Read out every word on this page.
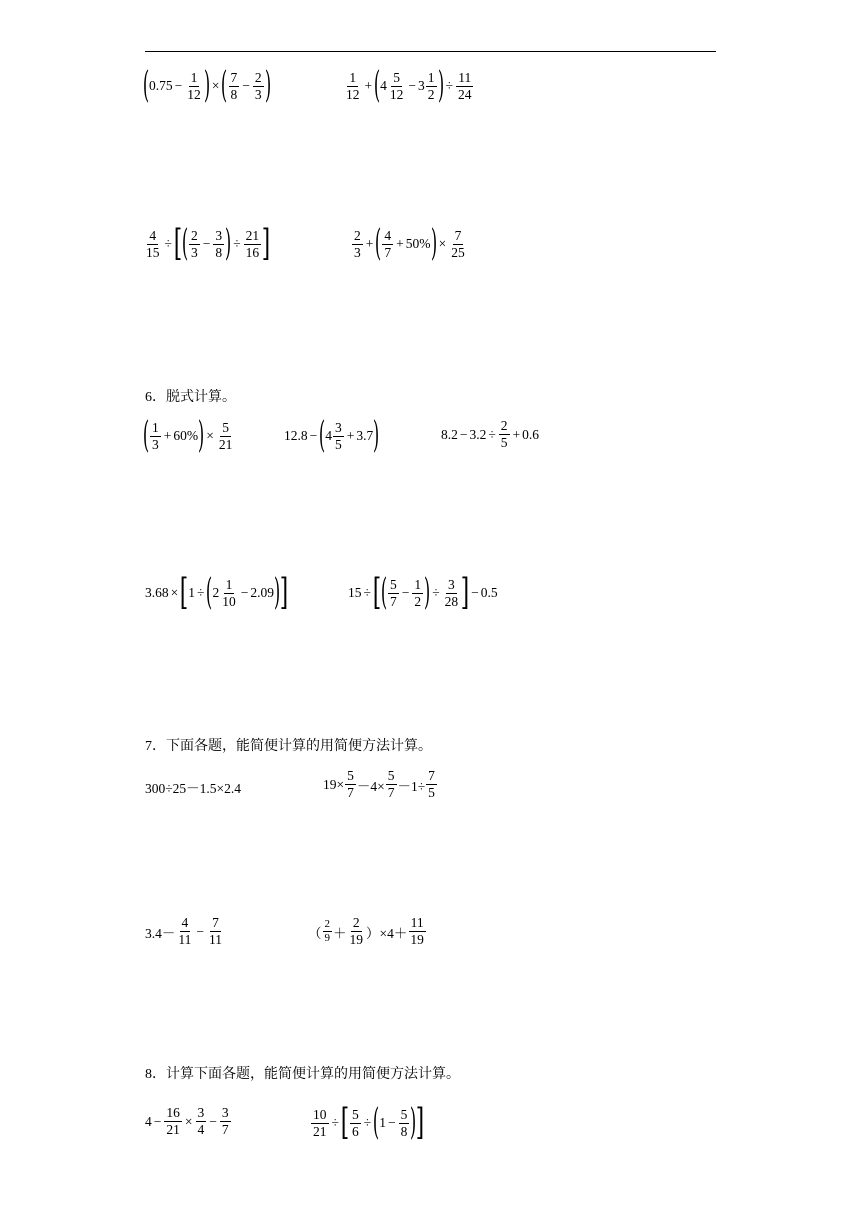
( $0.75 - \frac{1}{12}$ ) × ( 7
8
− $\frac{2}{3}$ )	1
12
+ ( 4
5
12
− 3
1
2 ) ÷ $\frac{11}{24}$
$\frac{4}{15}$ ÷ [ ( 2
3
− $\frac{3}{8}$ ) ÷ $\frac{21}{16}$ ]	2
3
+ ( 4
7
+ 50% ) × $\frac{7}{25}$
6．脱式计算。
( 1
3
+ 60% ) × $\frac{5}{21}$	12.8 − ( 4
3
5
+ 3.7 )	$8.2 - 3.2 \div \frac{2}{5} + 0.6$
3.68 × [ 1 ÷ ( 2
1
10
− 2.09 ) ]	15 ÷ [ ( 5
7
− $\frac{1}{2}$ ) ÷ $\frac{3}{28}$ ] − 0.5
7．下面各题，能简便计算的用简便方法计算。
300÷25－1.5×2.4	$19\times \frac{5}{7} -4\times \frac{5}{7} -1\div \frac{7}{5}$
3.4－
4
11
− $\frac{7}{11}$	（
2
9 ＋
2
19 ）×4＋
11
19
8．计算下面各题，能简便计算的用简便方法计算。
$4 - \frac{16}{21} \times \frac{3}{4} - \frac{3}{7}$	$\frac{10}{21}$ ÷ [ $\frac{5}{6}$ ÷ ( $1 - \frac{5}{8}$ ) ]
